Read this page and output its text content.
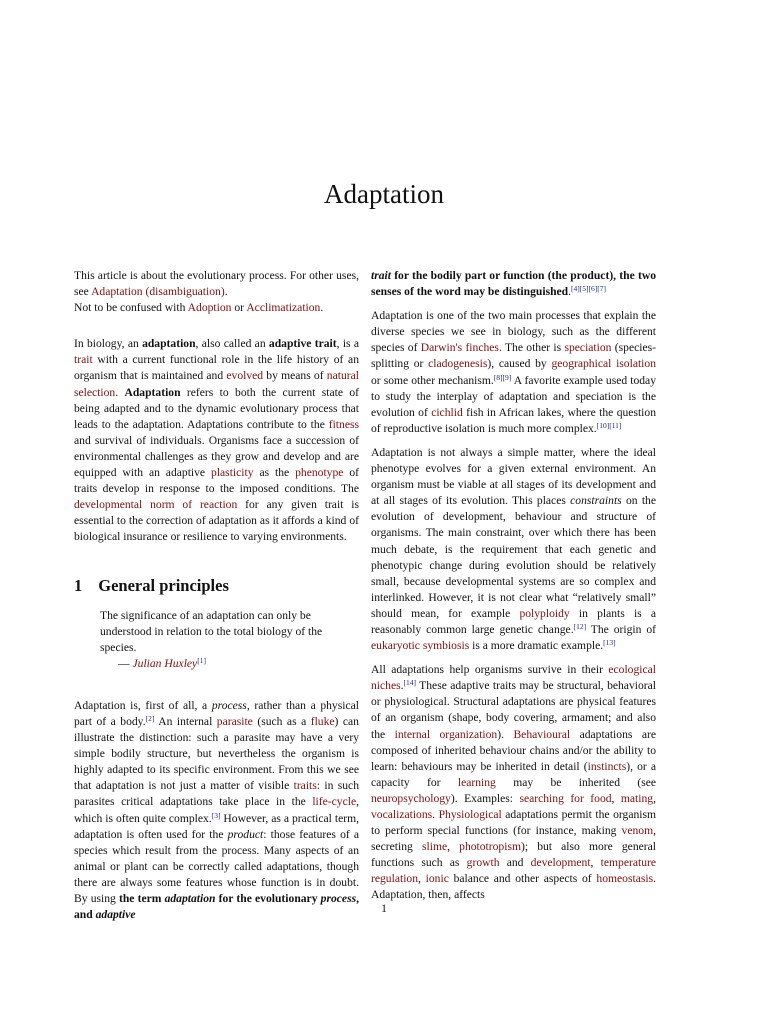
Adaptation

This article is about the evolutionary process. For other uses, see Adaptation (disambiguation).
Not to be confused with Adoption or Acclimatization.

In biology, an adaptation, also called an adaptive trait, is a trait with a current functional role in the life history of an organism that is maintained and evolved by means of natural selection. Adaptation refers to both the current state of being adapted and to the dynamic evolutionary process that leads to the adaptation. Adaptations contribute to the fitness and survival of individuals. Organisms face a succession of environmental challenges as they grow and develop and are equipped with an adaptive plasticity as the phenotype of traits develop in response to the imposed conditions. The developmental norm of reaction for any given trait is essential to the correction of adaptation as it affords a kind of biological insurance or resilience to varying environments.

1 General principles

The significance of an adaptation can only be understood in relation to the total biology of the species.

— Julian Huxley[1]

Adaptation is, first of all, a process, rather than a physical part of a body.[2] An internal parasite (such as a fluke) can illustrate the distinction: such a parasite may have a very simple bodily structure, but nevertheless the organism is highly adapted to its specific environment. From this we see that adaptation is not just a matter of visible traits: in such parasites critical adaptations take place in the life-cycle, which is often quite complex.[3] However, as a practical term, adaptation is often used for the product: those features of a species which result from the process. Many aspects of an animal or plant can be correctly called adaptations, though there are always some features whose function is in doubt. By using the term adaptation for the evolutionary process, and adaptive

trait for the bodily part or function (the product), the two senses of the word may be distinguished.[4][5][6][7]

Adaptation is one of the two main processes that explain the diverse species we see in biology, such as the different species of Darwin's finches. The other is speciation (species-splitting or cladogenesis), caused by geographical isolation or some other mechanism.[8][9] A favorite example used today to study the interplay of adaptation and speciation is the evolution of cichlid fish in African lakes, where the question of reproductive isolation is much more complex.[10][11]

Adaptation is not always a simple matter, where the ideal phenotype evolves for a given external environment. An organism must be viable at all stages of its development and at all stages of its evolution. This places constraints on the evolution of development, behaviour and structure of organisms. The main constraint, over which there has been much debate, is the requirement that each genetic and phenotypic change during evolution should be relatively small, because developmental systems are so complex and interlinked. However, it is not clear what “relatively small” should mean, for example polyploidy in plants is a reasonably common large genetic change.[12] The origin of eukaryotic symbiosis is a more dramatic example.[13]

All adaptations help organisms survive in their ecological niches.[14] These adaptive traits may be structural, behavioral or physiological. Structural adaptations are physical features of an organism (shape, body covering, armament; and also the internal organization). Behavioural adaptations are composed of inherited behaviour chains and/or the ability to learn: behaviours may be inherited in detail (instincts), or a capacity for learning may be inherited (see neuropsychology). Examples: searching for food, mating, vocalizations. Physiological adaptations permit the organism to perform special functions (for instance, making venom, secreting slime, phototropism); but also more general functions such as growth and development, temperature regulation, ionic balance and other aspects of homeostasis. Adaptation, then, affects

1
